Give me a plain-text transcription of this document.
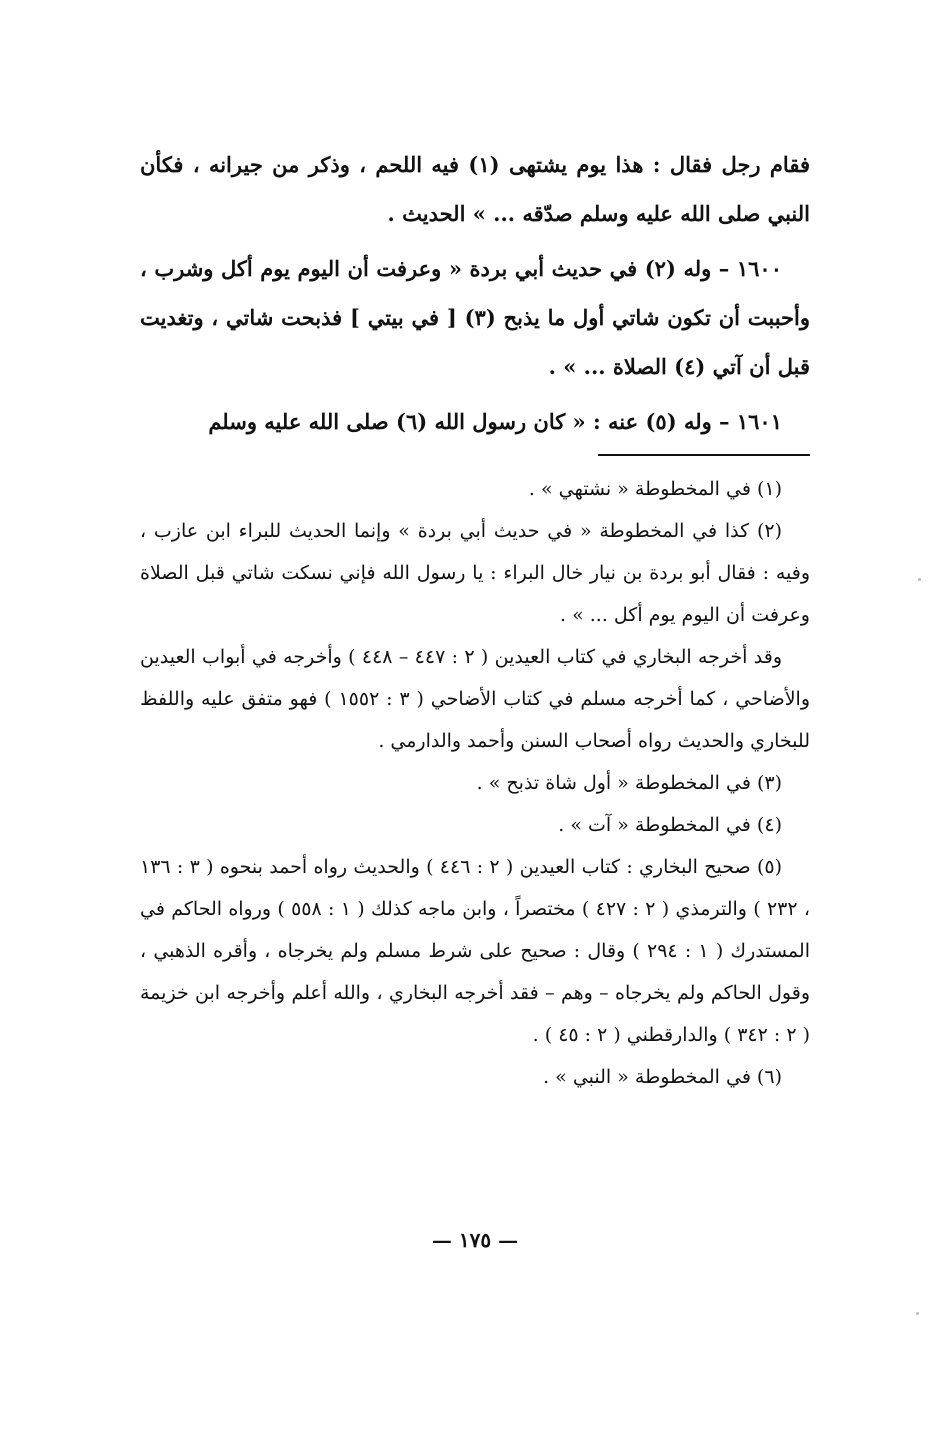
فقام رجل فقال : هذا يوم يشتهى (١) فيه اللحم ، وذكر من جيرانه ، فكأن النبي صلى الله عليه وسلم صدّقه ... » الحديث .

١٦٠٠ – وله (٢) في حديث أبي بردة « وعرفت أن اليوم يوم أكل وشرب ، وأحببت أن تكون شاتي أول ما يذبح (٣) [ في بيتي ] فذبحت شاتي ، وتغديت قبل أن آتي (٤) الصلاة ... » .

١٦٠١ – وله (٥) عنه : « كان رسول الله (٦) صلى الله عليه وسلم

(١) في المخطوطة « نشتهي » .

(٢) كذا في المخطوطة « في حديث أبي بردة » وإنما الحديث للبراء ابن عازب ، وفيه : فقال أبو بردة بن نيار خال البراء : يا رسول الله فإني نسكت شاتي قبل الصلاة وعرفت أن اليوم يوم أكل ... » .

وقد أخرجه البخاري في كتاب العيدين ( ٢ : ٤٤٧ – ٤٤٨ ) وأخرجه في أبواب العيدين والأضاحي ، كما أخرجه مسلم في كتاب الأضاحي ( ٣ : ١٥٥٢ ) فهو متفق عليه واللفظ للبخاري والحديث رواه أصحاب السنن وأحمد والدارمي .

(٣) في المخطوطة « أول شاة تذبح » .

(٤) في المخطوطة « آت » .

(٥) صحيح البخاري : كتاب العيدين ( ٢ : ٤٤٦ ) والحديث رواه أحمد بنحوه ( ٣ : ١٣٦ ، ٢٣٢ ) والترمذي ( ٢ : ٤٢٧ ) مختصراً ، وابن ماجه كذلك ( ١ : ٥٥٨ ) ورواه الحاكم في المستدرك ( ١ : ٢٩٤ ) وقال : صحيح على شرط مسلم ولم يخرجاه ، وأقره الذهبي ، وقول الحاكم ولم يخرجاه – وهم – فقد أخرجه البخاري ، والله أعلم وأخرجه ابن خزيمة ( ٢ : ٣٤٢ ) والدارقطني ( ٢ : ٤٥ ) .

(٦) في المخطوطة « النبي » .

— ١٧٥ —
